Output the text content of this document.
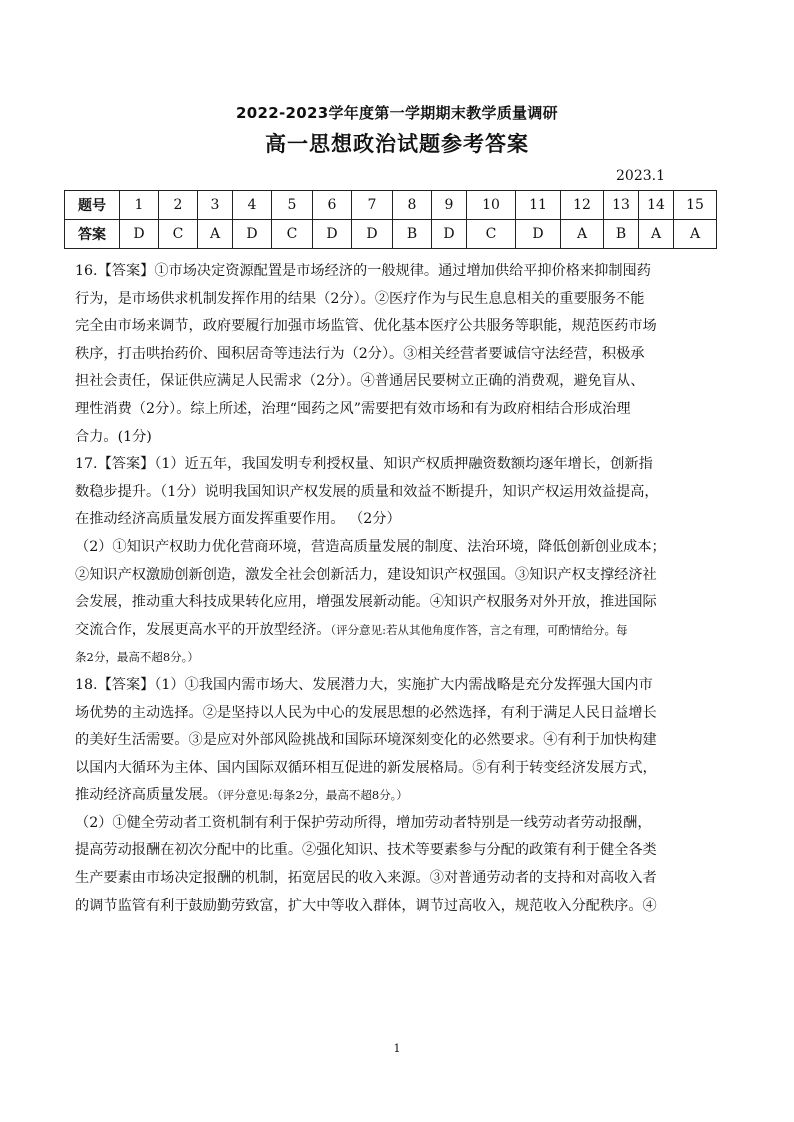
2022-2023学年度第一学期期末教学质量调研
高一思想政治试题参考答案
2023.1
题号	1	2	3	4	5	6	7	8	9	10	11	12	13	14	15
答案	D	C	A	D	C	D	D	B	D	C	D	A	B	A	A
16.【答案】①市场决定资源配置是市场经济的一般规律。通过增加供给平抑价格来抑制囤药
行为，是市场供求机制发挥作用的结果（2分）。②医疗作为与民生息息相关的重要服务不能
完全由市场来调节，政府要履行加强市场监管、优化基本医疗公共服务等职能，规范医药市场
秩序，打击哄抬药价、囤积居奇等违法行为（2分）。③相关经营者要诚信守法经营，积极承
担社会责任，保证供应满足人民需求（2分）。④普通居民要树立正确的消费观，避免盲从、
理性消费（2分）。综上所述，治理“囤药之风”需要把有效市场和有为政府相结合形成治理
合力。(1分)
17.【答案】（1）近五年，我国发明专利授权量、知识产权质押融资数额均逐年增长，创新指
数稳步提升。（1分）说明我国知识产权发展的质量和效益不断提升，知识产权运用效益提高，
在推动经济高质量发展方面发挥重要作用。 （2分）
（2）①知识产权助力优化营商环境，营造高质量发展的制度、法治环境，降低创新创业成本；
②知识产权激励创新创造，激发全社会创新活力，建设知识产权强国。③知识产权支撑经济社
会发展，推动重大科技成果转化应用，增强发展新动能。④知识产权服务对外开放，推进国际
交流合作，发展更高水平的开放型经济。（评分意见:若从其他角度作答，言之有理，可酌情给分。每
条2分，最高不超8分。）
18.【答案】（1）①我国内需市场大、发展潜力大，实施扩大内需战略是充分发挥强大国内市
场优势的主动选择。②是坚持以人民为中心的发展思想的必然选择，有利于满足人民日益增长
的美好生活需要。③是应对外部风险挑战和国际环境深刻变化的必然要求。④有利于加快构建
以国内大循环为主体、国内国际双循环相互促进的新发展格局。⑤有利于转变经济发展方式，
推动经济高质量发展。（评分意见:每条2分，最高不超8分。）
（2）①健全劳动者工资机制有利于保护劳动所得，增加劳动者特别是一线劳动者劳动报酬，
提高劳动报酬在初次分配中的比重。②强化知识、技术等要素参与分配的政策有利于健全各类
生产要素由市场决定报酬的机制，拓宽居民的收入来源。③对普通劳动者的支持和对高收入者
的调节监管有利于鼓励勤劳致富，扩大中等收入群体，调节过高收入，规范收入分配秩序。④
1
